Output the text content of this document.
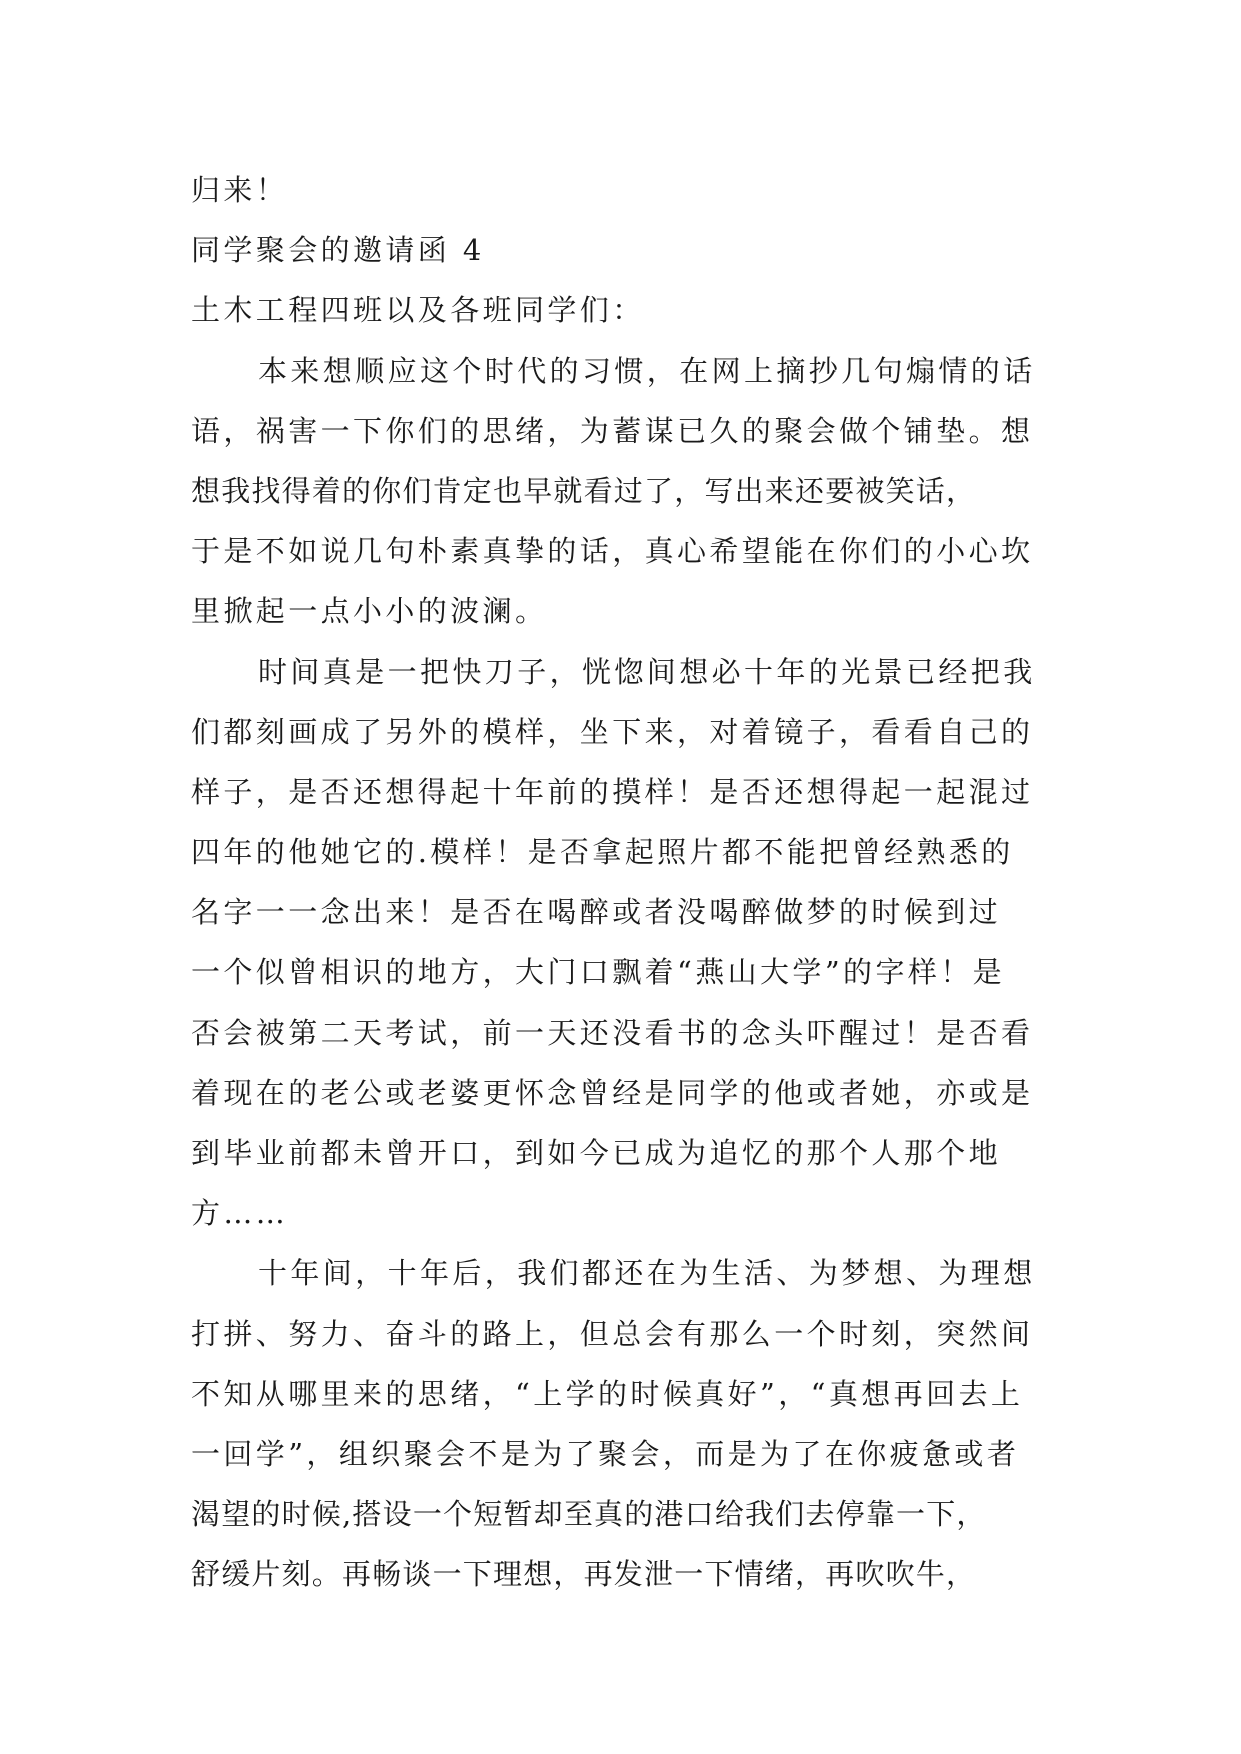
归来！
同学聚会的邀请函 4
土木工程四班以及各班同学们：
本来想顺应这个时代的习惯，在网上摘抄几句煽情的话
语，祸害一下你们的思绪，为蓄谋已久的聚会做个铺垫。想
想我找得着的你们肯定也早就看过了，写出来还要被笑话，
于是不如说几句朴素真挚的话，真心希望能在你们的小心坎
里掀起一点小小的波澜。
时间真是一把快刀子，恍惚间想必十年的光景已经把我
们都刻画成了另外的模样，坐下来，对着镜子，看看自己的
样子，是否还想得起十年前的摸样！是否还想得起一起混过
四年的他她它的.模样！是否拿起照片都不能把曾经熟悉的
名字一一念出来！是否在喝醉或者没喝醉做梦的时候到过
一个似曾相识的地方，大门口飘着“燕山大学”的字样！是
否会被第二天考试，前一天还没看书的念头吓醒过！是否看
着现在的老公或老婆更怀念曾经是同学的他或者她，亦或是
到毕业前都未曾开口，到如今已成为追忆的那个人那个地
方……
十年间，十年后，我们都还在为生活、为梦想、为理想
打拼、努力、奋斗的路上，但总会有那么一个时刻，突然间
不知从哪里来的思绪，“上学的时候真好”，“真想再回去上
一回学”，组织聚会不是为了聚会，而是为了在你疲惫或者
渴望的时候,搭设一个短暂却至真的港口给我们去停靠一下，
舒缓片刻。再畅谈一下理想，再发泄一下情绪，再吹吹牛，
